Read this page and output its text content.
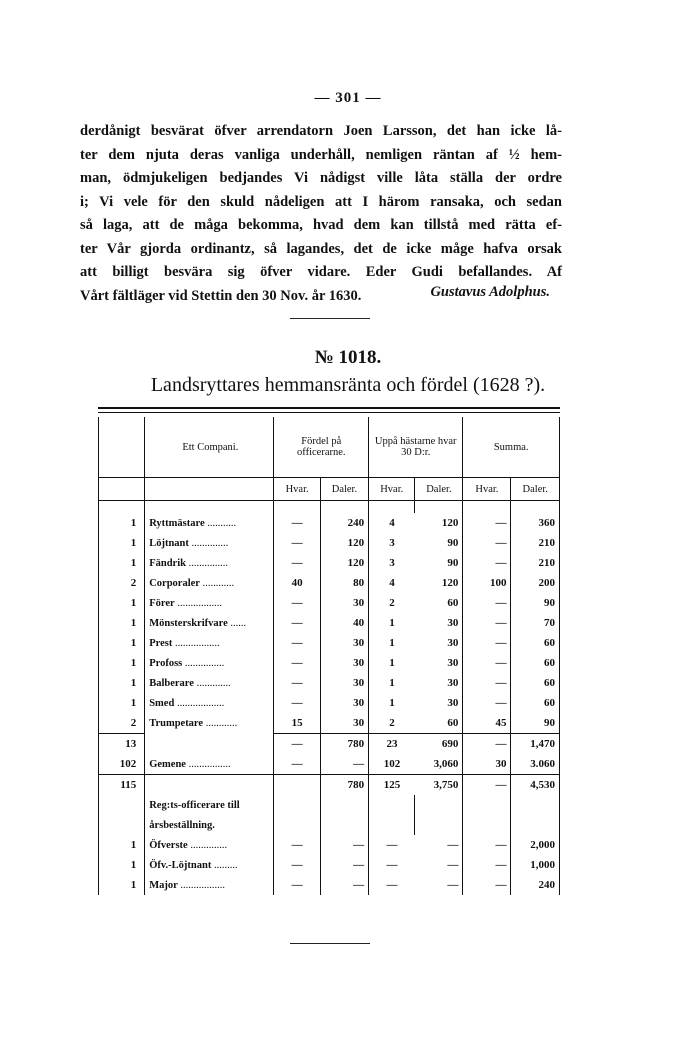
— 301 —
derdånigt besvärat öfver arrendatorn Joen Larsson, det han icke lå-
ter dem njuta deras vanliga underhåll, nemligen räntan af ½ hem-
man, ödmjukeligen bedjandes Vi nådigst ville låta ställa der ordre
i; Vi vele för den skuld nådeligen att I härom ransaka, och sedan
så laga, att de måga bekomma, hvad dem kan tillstå med rätta ef-
ter Vår gjorda ordinantz, så lagandes, det de icke måge hafva orsak
att billigt besvära sig öfver vidare. Eder Gudi befallandes. Af
Vårt fältläger vid Stettin den 30 Nov. år 1630.	Gustavus Adolphus.
№ 1018.
Landsryttares hemmansränta och fördel (1628 ?).
	Ett Compani.	Fördel på officerarne.		Uppå hästarne hvar 30 D:r.		Summa.	
		Hvar.	Daler.	Hvar.	Daler.	Hvar.	Daler.

1	Ryttmästare ...........	—	240	4	120	—	360
1	Löjtnant ..............	—	120	3	90	—	210
1	Fändrik ...............	—	120	3	90	—	210
2	Corporaler ............	40	80	4	120	100	200
1	Förer .................	—	30	2	60	—	90
1	Mönsterskrifvare ......	—	40	1	30	—	70
1	Prest .................	—	30	1	30	—	60
1	Profoss ...............	—	30	1	30	—	60
1	Balberare .............	—	30	1	30	—	60
1	Smed ..................	—	30	1	30	—	60
2	Trumpetare ............	15	30	2	60	45	90
13		—	780	23	690	—	1,470
102	Gemene ................	—	—	102	3,060	30	3.060
115			780	125	3,750	—	4,530
	Reg:ts-officerare till						
	årsbeställning.						
1	Öfverste ..............	—	—	—	—	—	2,000
1	Öfv.-Löjtnant .........	—	—	—	—	—	1,000
1	Major .................	—	—	—	—	—	240
